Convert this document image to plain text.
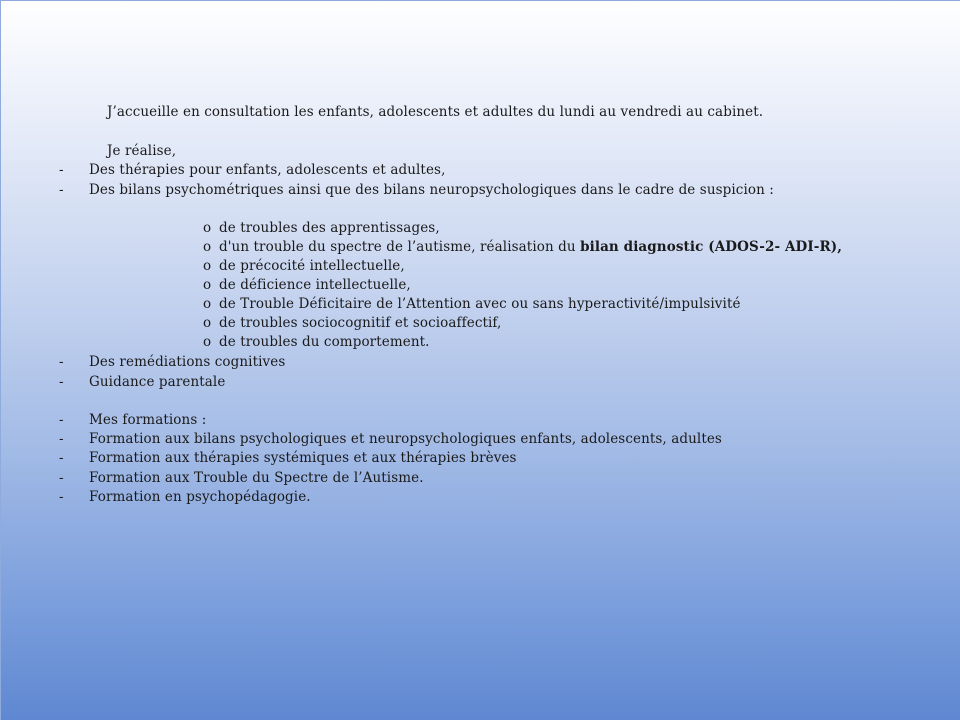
J’accueille en consultation les enfants, adolescents et adultes du lundi au vendredi au cabinet.
Je réalise,
- Des thérapies pour enfants, adolescents et adultes,
- Des bilans psychométriques ainsi que des bilans neuropsychologiques dans le cadre de suspicion :
o de troubles des apprentissages,
o d'un trouble du spectre de l’autisme, réalisation du bilan diagnostic (ADOS-2- ADI-R),
o de précocité intellectuelle,
o de déficience intellectuelle,
o de Trouble Déficitaire de l’Attention avec ou sans hyperactivité/impulsivité
o de troubles sociocognitif et socioaffectif,
o de troubles du comportement.
- Des remédiations cognitives
- Guidance parentale
- Mes formations :
- Formation aux bilans psychologiques et neuropsychologiques enfants, adolescents, adultes
- Formation aux thérapies systémiques et aux thérapies brèves
- Formation aux Trouble du Spectre de l’Autisme.
- Formation en psychopédagogie.
